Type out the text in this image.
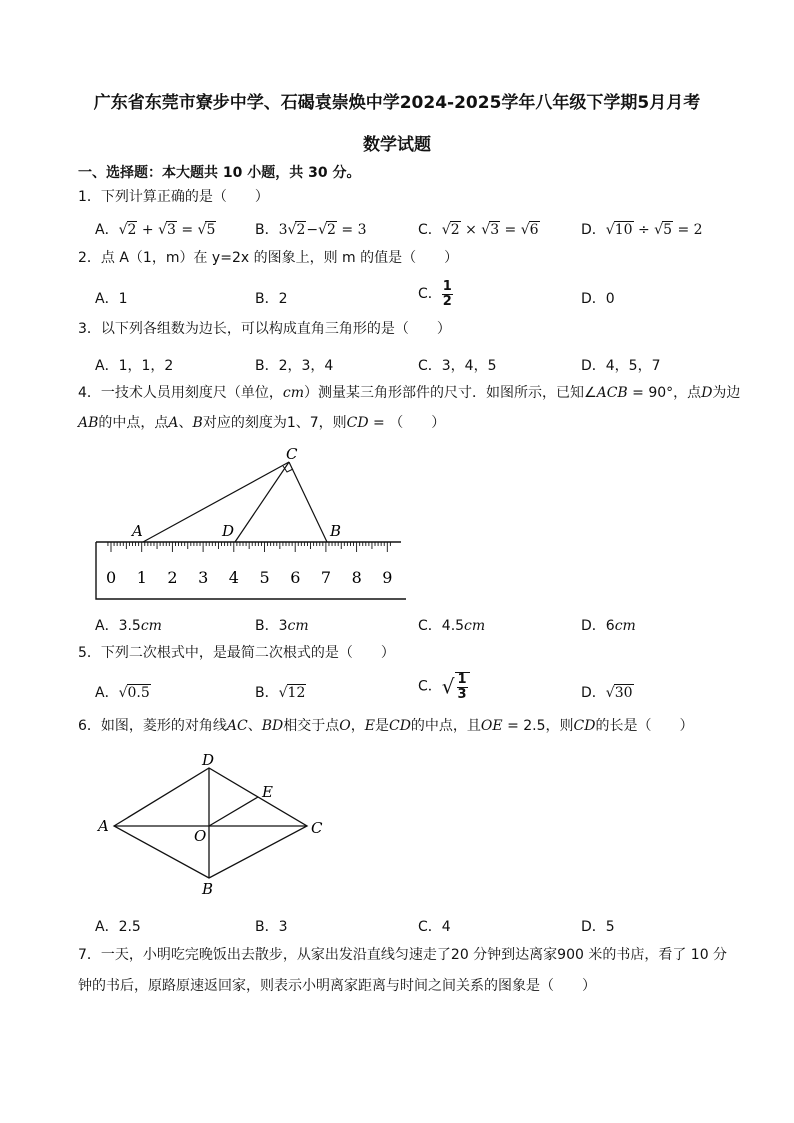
广东省东莞市寮步中学、石碣袁崇焕中学2024-2025学年八年级下学期5月月考
数学试题
一、选择题：本大题共 10 小题，共 30 分。
1．下列计算正确的是（　　）
A．√2 + √3 = √5	B．3√2−√2 = 3	C．√2 × √3 = √6	D．√10 ÷ √5 = 2
2．点 A（1，m）在 y=2x 的图象上，则 m 的值是（　　）
A．1	B．2	C． $\frac{1}{2}$	D．0
3．以下列各组数为边长，可以构成直角三角形的是（　　）
A．1，1，2	B．2，3，4	C．3，4，5	D．4，5，7
4．一技术人员用刻度尺（单位，cm）测量某三角形部件的尺寸．如图所示，已知∠ACB = 90°，点D为边
AB的中点，点A、B对应的刻度为1、7，则CD = （　　）
0 1 2 3 4 5 6 7 8 9
A	D	B
C
A．3.5cm	B．3cm	C．4.5cm	D．6cm
5．下列二次根式中，是最简二次根式的是（　　）
A．√0.5	B．√12	C．√ $\frac{1}{3}$	D．√30
6．如图，菱形的对角线AC、BD相交于点O，E是CD的中点，且OE = 2.5，则CD的长是（　　）
A
D
E
C
O
B
A．2.5	B．3	C．4	D．5
7．一天，小明吃完晚饭出去散步，从家出发沿直线匀速走了20 分钟到达离家900 米的书店，看了 10 分
钟的书后，原路原速返回家，则表示小明离家距离与时间之间关系的图象是（　　）
